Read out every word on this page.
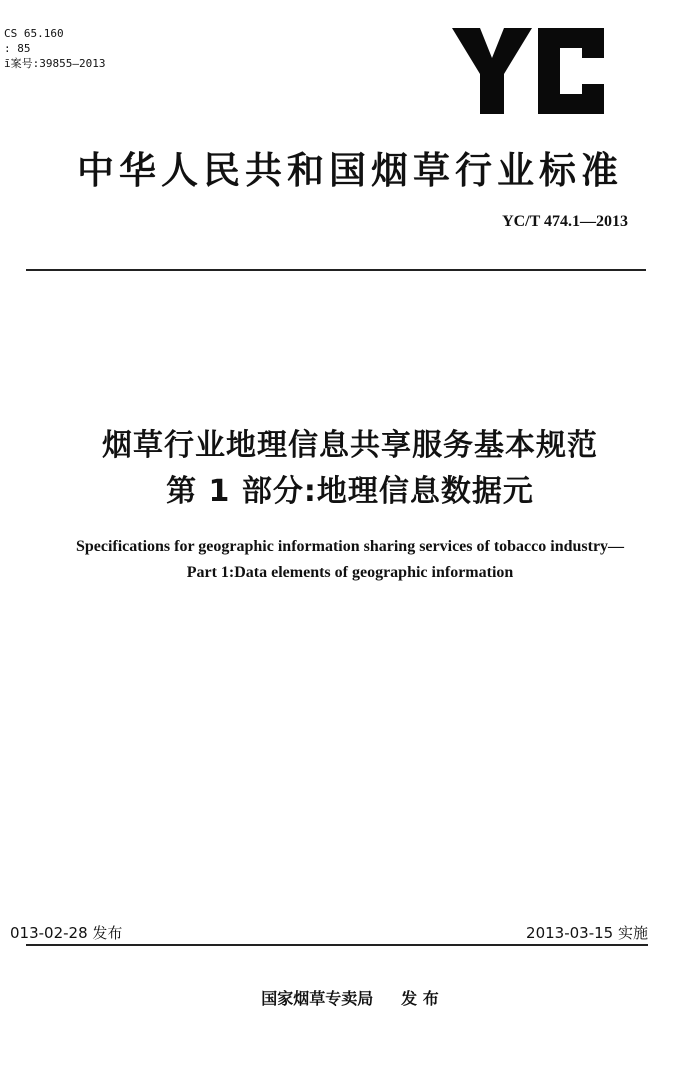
CS 65.160
: 85
ī案号:39855—2013
中华人民共和国烟草行业标准
YC/T 474.1—2013
烟草行业地理信息共享服务基本规范
第 1 部分:地理信息数据元
Specifications for geographic information sharing services of tobacco industry—
Part 1:Data elements of geographic information
013-02-28 发布	2013-03-15 实施
国家烟草专卖局 发 布
